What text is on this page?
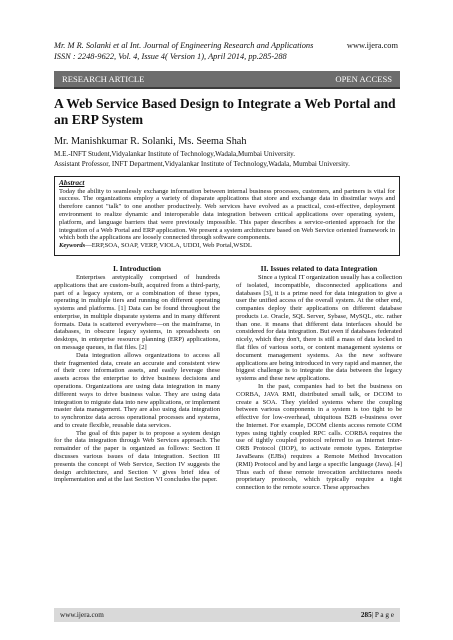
Mr. M R. Solanki et al Int. Journal of Engineering Research and Applications
ISSN : 2248-9622, Vol. 4, Issue 4( Version 1), April 2014, pp.285-288
www.ijera.com
RESEARCH ARTICLE	OPEN ACCESS
A Web Service Based Design to Integrate a Web Portal and an ERP System
Mr. Manishkumar R. Solanki, Ms. Seema Shah
M.E.-INFT Student,Vidyalankar Institute of Technology,Wadala,Mumbai University.
Assistant Professor, INFT Department,Vidyalankar Institute of Technology,Wadala, Mumbai University.
Abstract
Today the ability to seamlessly exchange information between internal business processes, customers, and partners is vital for success. The organizations employ a variety of disparate applications that store and exchange data in dissimilar ways and therefore cannot "talk" to one another productively. Web services have evolved as a practical, cost-effective, deployment environment to realize dynamic and interoperable data integration between critical applications over operating system, platform, and language barriers that were previously impossible. This paper describes a service-oriented approach for the integration of a Web Portal and ERP application. We present a system architecture based on Web Service oriented framework in which both the applications are loosely connected through software components.
Keywords—ERP,SOA, SOAP, VERP, VIOLA, UDDI, Web Portal,WSDL
I. Introduction

Enterprises aretypically comprised of hundreds applications that are custom-built, acquired from a third-party, part of a legacy system, or a combination of these types, operating in multiple tiers and running on different operating systems and platforms. [1] Data can be found throughout the enterprise, in multiple disparate systems and in many different formats. Data is scattered everywhere—on the mainframe, in databases, in obscure legacy systems, in spreadsheets on desktops, in enterprise resource planning (ERP) applications, on message queues, in flat files. [2]

Data integration allows organizations to access all their fragmented data, create an accurate and consistent view of their core information assets, and easily leverage these assets across the enterprise to drive business decisions and operations. Organizations are using data integration in many different ways to drive business value. They are using data integration to migrate data into new applications, or implement master data management. They are also using data integration to synchronize data across operational processes and systems, and to create flexible, reusable data services.

The goal of this paper is to propose a system design for the data integration through Web Services approach. The remainder of the paper is organized as follows: Section II discusses various issues of data integration. Section III presents the concept of Web Service, Section IV suggests the design architecture, and Section V gives brief idea of implementation and at the last Section VI concludes the paper.

II. Issues related to data Integration

Since a typical IT organization usually has a collection of isolated, incompatible, disconnected applications and databases [3], it is a prime need for data integration to give a user the unified access of the overall system. At the other end, companies deploy their applications on different database products i.e. Oracle, SQL Server, Sybase, MySQL, etc. rather than one. it means that different data interfaces should be considered for data integration. But even if databases federated nicely, which they don't, there is still a mass of data locked in flat files of various sorts, or content management systems or document management systems. As the new software applications are being introduced in very rapid and manner, the biggest challenge is to integrate the data between the legacy systems and these new applications.

In the past, companies had to bet the business on CORBA, JAVA RMI, distributed small talk, or DCOM to create a SOA. They yielded systems where the coupling between various components in a system is too tight to be effective for low-overhead, ubiquitous B2B e-business over the Internet. For example, DCOM clients access remote COM types using tightly coupled RPC calls. CORBA requires the use of tightly coupled protocol referred to as Internet Inter-ORB Protocol (IIOP), to activate remote types. Enterprise JavaBeans (EJBs) requires a Remote Method Invocation (RMI) Protocol and by and large a specific language (Java). [4] Thus each of these remote invocation architectures needs proprietary protocols, which typically require a tight connection to the remote source. These approaches

www.ijera.com	285| P a g e
